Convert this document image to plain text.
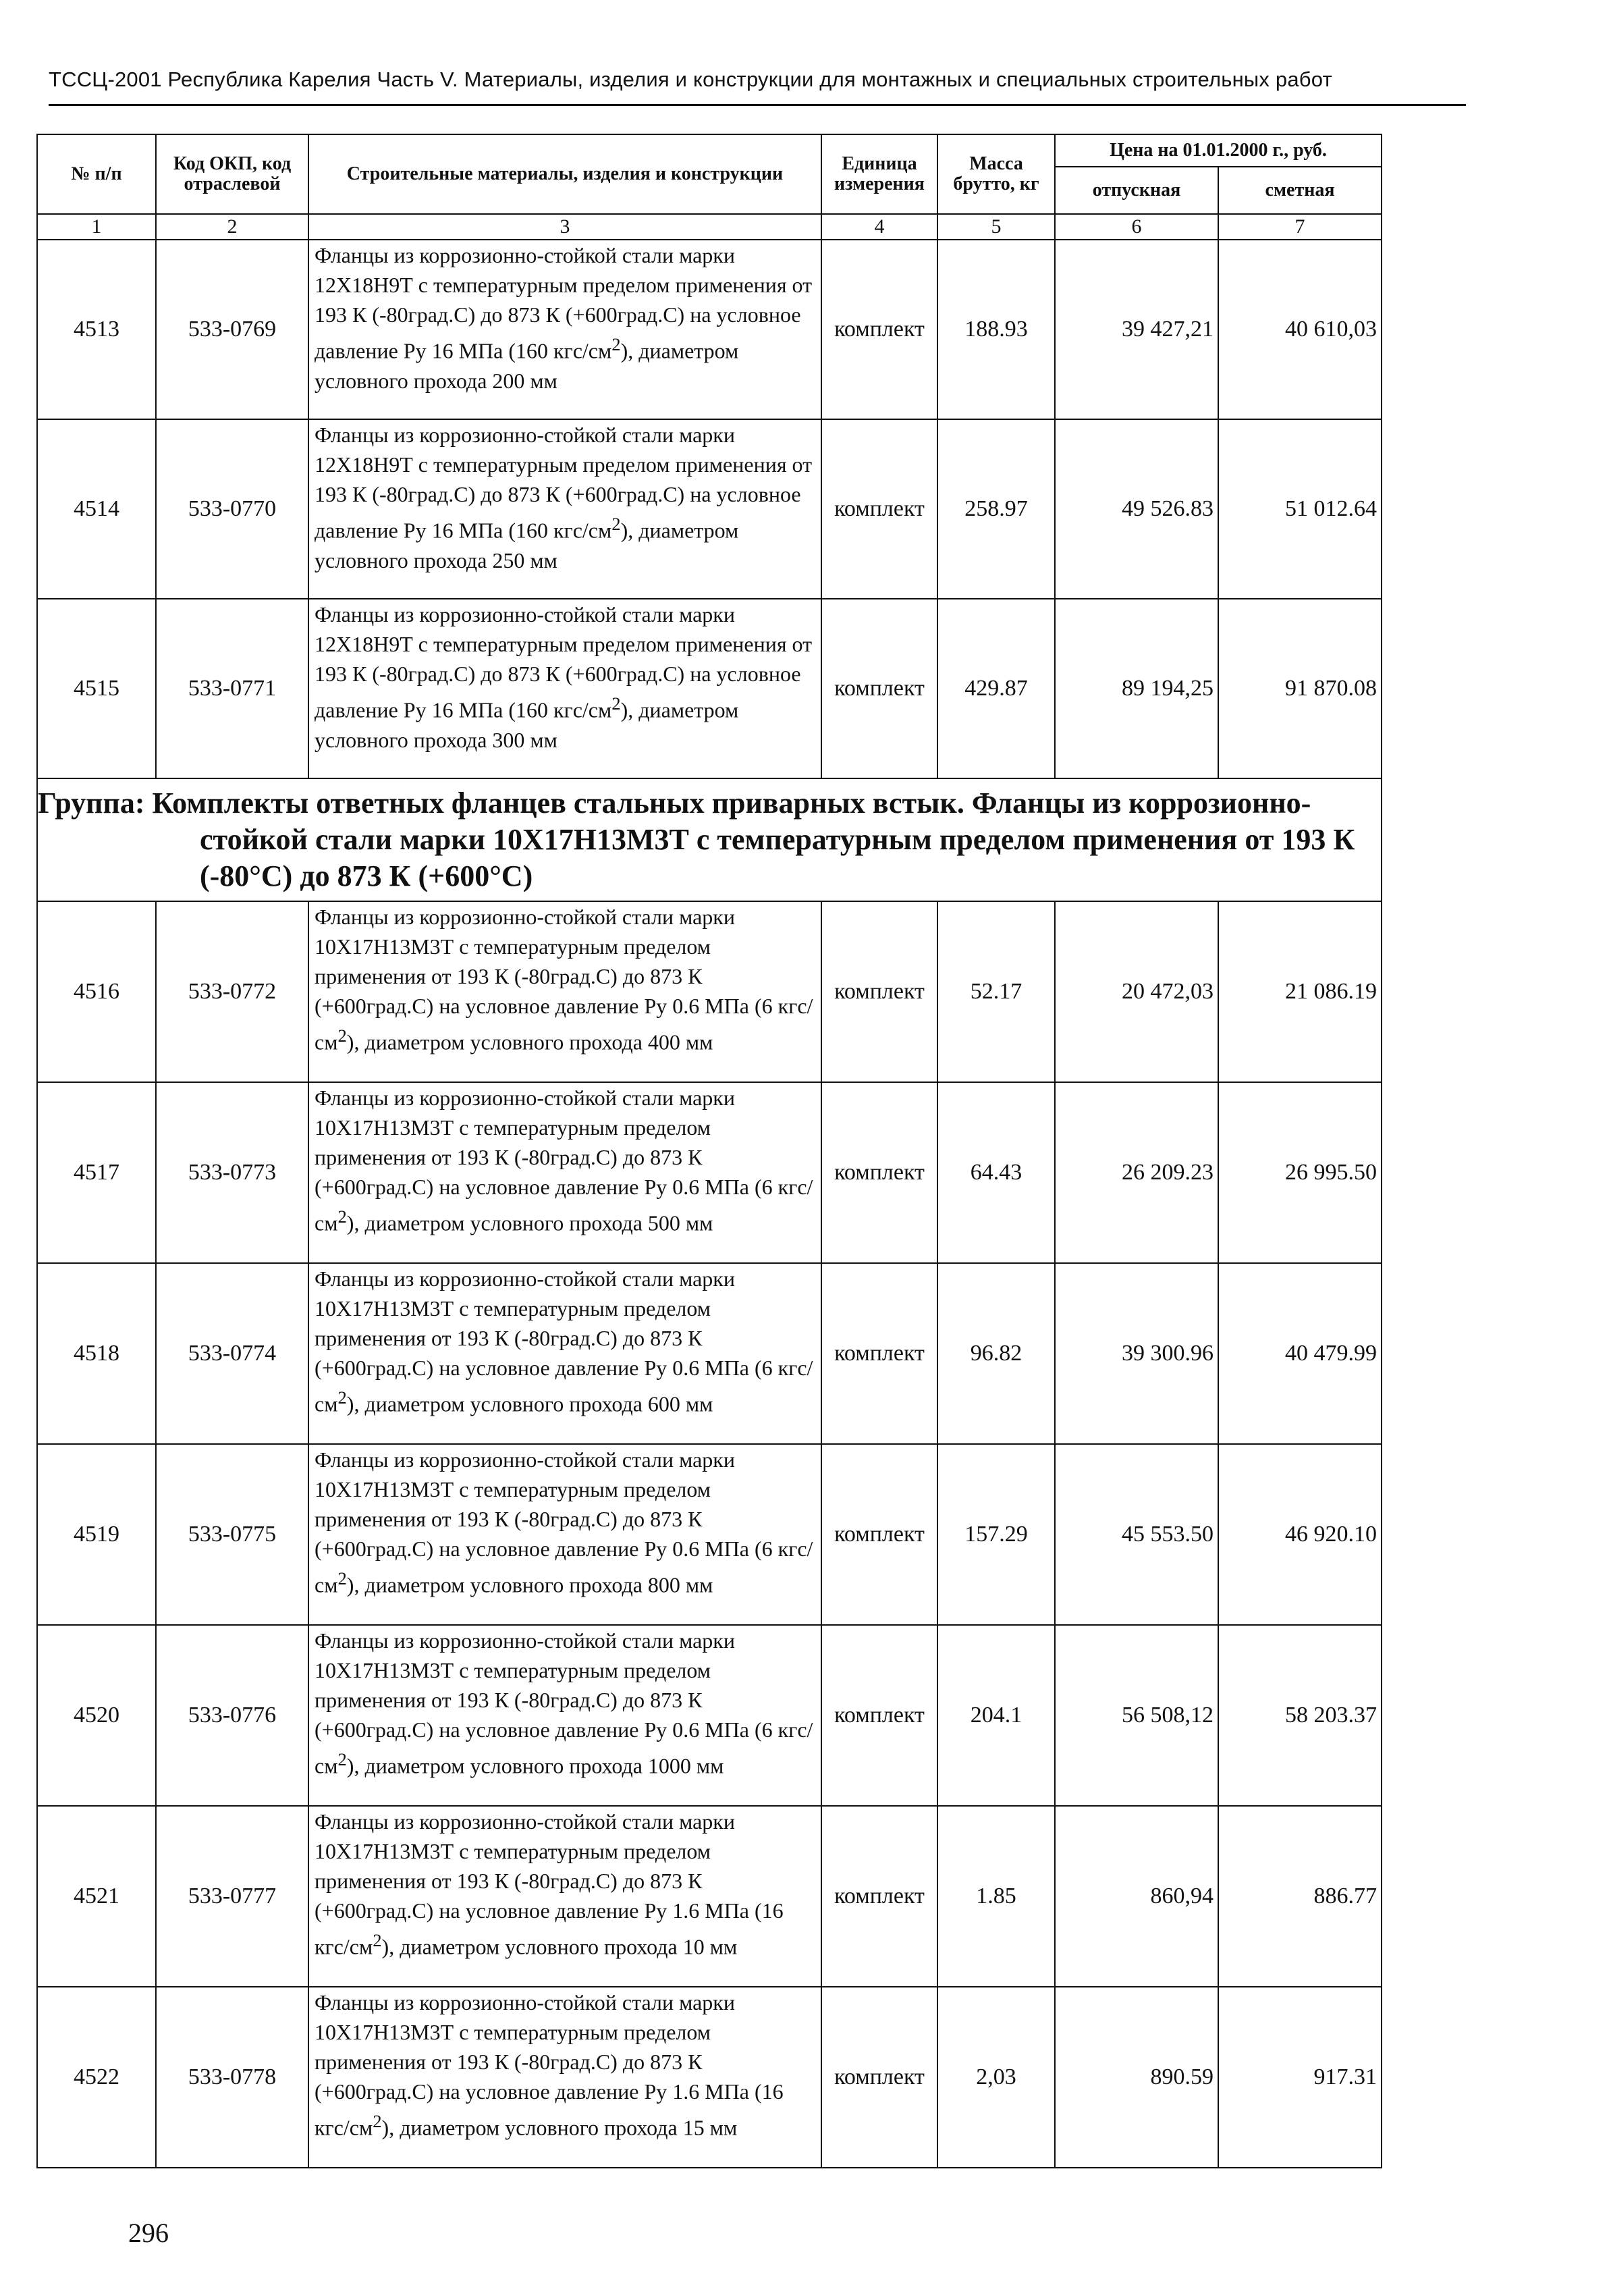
ТССЦ-2001 Республика Карелия Часть V. Материалы, изделия и конструкции для монтажных и специальных строительных работ
№ п/п	Код ОКП, код отраслевой	Строительные материалы, изделия и конструкции	Единица измерения	Масса брутто, кг	Цена на 01.01.2000 г., руб.	
					отпускная	сметная
1	2	3	4	5	6	7
4513	533-0769	Фланцы из коррозионно-стойкой стали марки 12Х18Н9Т с температурным пределом применения от 193 К (-80град.С) до 873 К (+600град.С) на условное давление Ру 16 МПа (160 кгс/$см^2$), диаметром условного прохода 200 мм	комплект	188.93	39 427,21	40 610,03
4514	533-0770	Фланцы из коррозионно-стойкой стали марки 12Х18Н9Т с температурным пределом применения от 193 К (-80град.С) до 873 К (+600град.С) на условное давление Ру 16 МПа (160 кгс/$см^2$), диаметром условного прохода 250 мм	комплект	258.97	49 526.83	51 012.64
4515	533-0771	Фланцы из коррозионно-стойкой стали марки 12Х18Н9Т с температурным пределом применения от 193 К (-80град.С) до 873 К (+600град.С) на условное давление Ру 16 МПа (160 кгс/$см^2$), диаметром условного прохода 300 мм	комплект	429.87	89 194,25	91 870.08
Группа: Комплекты ответных фланцев стальных приварных встык. Фланцы из коррозионно-стойкой стали марки 10Х17Н13М3Т с температурным пределом применения от 193 К (-80°С) до 873 К (+600°С)						
4516	533-0772	Фланцы из коррозионно-стойкой стали марки 10Х17Н13М3Т с температурным пределом применения от 193 К (-80град.С) до 873 К (+600град.С) на условное давление Ру 0.6 МПа (6 кгс/$см^2$), диаметром условного прохода 400 мм	комплект	52.17	20 472,03	21 086.19
4517	533-0773	Фланцы из коррозионно-стойкой стали марки 10Х17Н13М3Т с температурным пределом применения от 193 К (-80град.С) до 873 К (+600град.С) на условное давление Ру 0.6 МПа (6 кгс/$см^2$), диаметром условного прохода 500 мм	комплект	64.43	26 209.23	26 995.50
4518	533-0774	Фланцы из коррозионно-стойкой стали марки 10Х17Н13М3Т с температурным пределом применения от 193 К (-80град.С) до 873 К (+600град.С) на условное давление Ру 0.6 МПа (6 кгс/$см^2$), диаметром условного прохода 600 мм	комплект	96.82	39 300.96	40 479.99
4519	533-0775	Фланцы из коррозионно-стойкой стали марки 10Х17Н13М3Т с температурным пределом применения от 193 К (-80град.С) до 873 К (+600град.С) на условное давление Ру 0.6 МПа (6 кгс/$см^2$), диаметром условного прохода 800 мм	комплект	157.29	45 553.50	46 920.10
4520	533-0776	Фланцы из коррозионно-стойкой стали марки 10Х17Н13М3Т с температурным пределом применения от 193 К (-80град.С) до 873 К (+600град.С) на условное давление Ру 0.6 МПа (6 кгс/$см^2$), диаметром условного прохода 1000 мм	комплект	204.1	56 508,12	58 203.37
4521	533-0777	Фланцы из коррозионно-стойкой стали марки 10Х17Н13М3Т с температурным пределом применения от 193 К (-80град.С) до 873 К (+600град.С) на условное давление Ру 1.6 МПа (16 кгс/$см^2$), диаметром условного прохода 10 мм	комплект	1.85	860,94	886.77
4522	533-0778	Фланцы из коррозионно-стойкой стали марки 10Х17Н13М3Т с температурным пределом применения от 193 К (-80град.С) до 873 К (+600град.С) на условное давление Ру 1.6 МПа (16 кгс/$см^2$), диаметром условного прохода 15 мм	комплект	2,03	890.59	917.31
296
